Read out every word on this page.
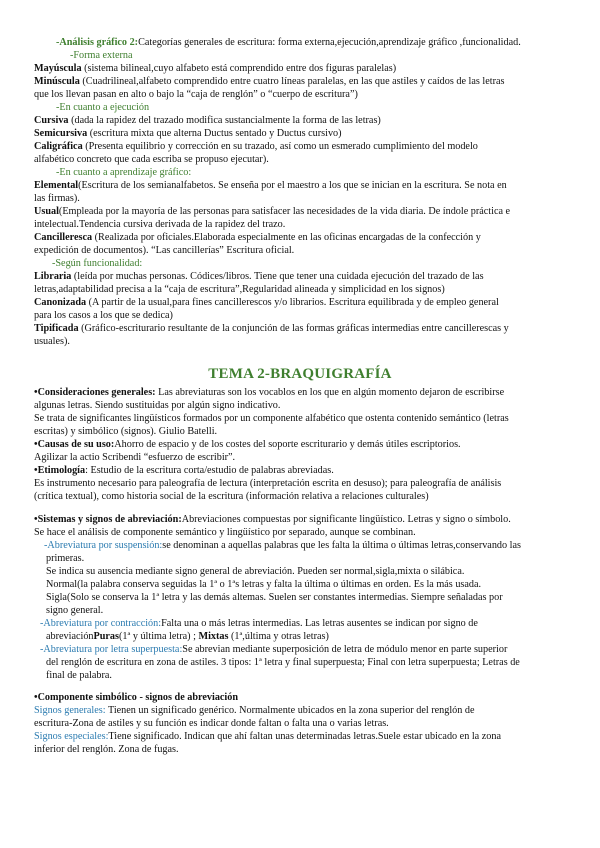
-Análisis gráfico 2:Categorías generales de escritura: forma externa,ejecución,aprendizaje gráfico ,funcionalidad.
-Forma externa
Mayúscula (sistema bilineal,cuyo alfabeto está comprendido entre dos figuras paralelas)
Minúscula (Cuadrilineal,alfabeto comprendido entre cuatro líneas paralelas, en las que astiles y caídos de las letras
que los llevan pasan en alto o bajo la “caja de renglón” o “cuerpo de escritura”)
-En cuanto a ejecución
Cursiva (dada la rapidez del trazado modifica sustancialmente la forma de las letras)
Semicursiva (escritura mixta que alterna Ductus sentado y Ductus cursivo)
Caligráfica (Presenta equilibrio y corrección en su trazado, así como un esmerado cumplimiento del modelo
alfabético concreto que cada escriba se propuso ejecutar).
-En cuanto a aprendizaje gráfico:
Elemental(Escritura de los semianalfabetos. Se enseña por el maestro a los que se inician en la escritura. Se nota en
las firmas).
Usual(Empleada por la mayoría de las personas para satisfacer las necesidades de la vida diaria. De índole práctica e
intelectual.Tendencia cursiva derivada de la rapidez del trazo.
Cancilleresca (Realizada por oficiales.Elaborada especialmente en las oficinas encargadas de la confección y
expedición de documentos). “Las cancillerías” Escritura oficial.
-Según funcionalidad:
Libraria (leída por muchas personas. Códices/libros. Tiene que tener una cuidada ejecución del trazado de las
letras,adaptabilidad precisa a la “caja de escritura”,Regularidad alineada y simplicidad en los signos)
Canonizada (A partir de la usual,para fines cancillerescos y/o librarios. Escritura equilibrada y de empleo general
para los casos a los que se dedica)
Tipificada (Gráfico-escriturario resultante de la conjunción de las formas gráficas intermedias entre cancillerescas y
usuales).
TEMA 2-BRAQUIGRAFÍA
•Consideraciones generales: Las abreviaturas son los vocablos en los que en algún momento dejaron de escribirse
algunas letras. Siendo sustituidas por algún signo indicativo.
Se trata de significantes lingüísticos formados por un componente alfabético que ostenta contenido semántico (letras
escritas) y simbólico (signos). Giulio Batelli.
•Causas de su uso:Ahorro de espacio y de los costes del soporte escriturario y demás útiles escriptorios.
Agilizar la actio Scribendi “esfuerzo de escribir”.
•Etimología: Estudio de la escritura corta/estudio de palabras abreviadas.
Es instrumento necesario para paleografía de lectura (interpretación escrita en desuso); para paleografía de análisis
(crítica textual), como historia social de la escritura (información relativa a relaciones culturales)
•Sistemas y signos de abreviación:Abreviaciones compuestas por significante lingüístico. Letras y signo o símbolo.
Se hace el análisis de componente semántico y lingüístico por separado, aunque se combinan.
-Abreviatura por suspensión:se denominan a aquellas palabras que les falta la última o últimas letras,conservando las
primeras.
Se indica su ausencia mediante signo general de abreviación. Pueden ser normal,sigla,mixta o silábica.
Normal(la palabra conserva seguidas la 1ª o 1ªs letras y falta la última o últimas en orden. Es la más usada.
Sigla(Solo se conserva la 1ª letra y las demás altemas. Suelen ser constantes intermedias. Siempre señaladas por
signo general.
-Abreviatura por contracción:Falta una o más letras intermedias. Las letras ausentes se indican por signo de
abreviaciónPuras(1ª y última letra) ; Mixtas (1ª,última y otras letras)
-Abreviatura por letra superpuesta:Se abrevian mediante superposición de letra de módulo menor en parte superior
del renglón de escritura en zona de astiles. 3 tipos: 1ª letra y final superpuesta; Final con letra superpuesta; Letras de
final de palabra.
•Componente simbólico - signos de abreviación
Signos generales: Tienen un significado genérico. Normalmente ubicados en la zona superior del renglón de
escritura-Zona de astiles y su función es indicar donde faltan o falta una o varias letras.
Signos especiales:Tiene significado. Indican que ahí faltan unas determinadas letras.Suele estar ubicado en la zona
inferior del renglón. Zona de fugas.
